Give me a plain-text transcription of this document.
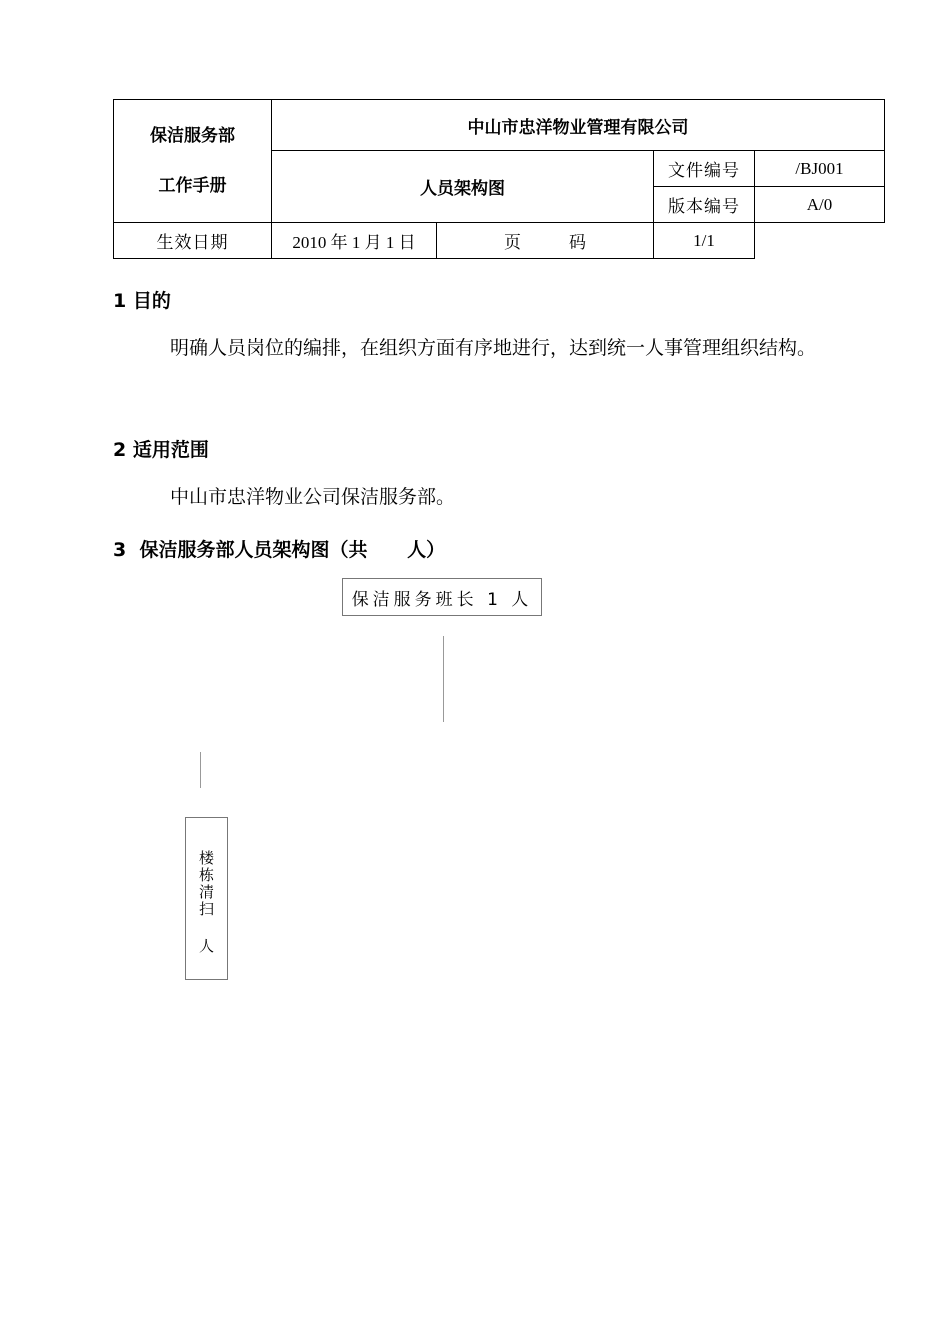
保洁服务部
工作手册	中山市忠洋物业管理有限公司			
	人员架构图		文件编号	/BJ001
			版本编号	A/0
生效日期	2010 年 1 月 1 日	页 码	1/1	
1 目的
明确人员岗位的编排，在组织方面有序地进行，达到统一人事管理组织结构。
2 适用范围
中山市忠洋物业公司保洁服务部。
3  保洁服务部人员架构图（共      人）
保洁服务班长 1 人
楼栋清扫 人
